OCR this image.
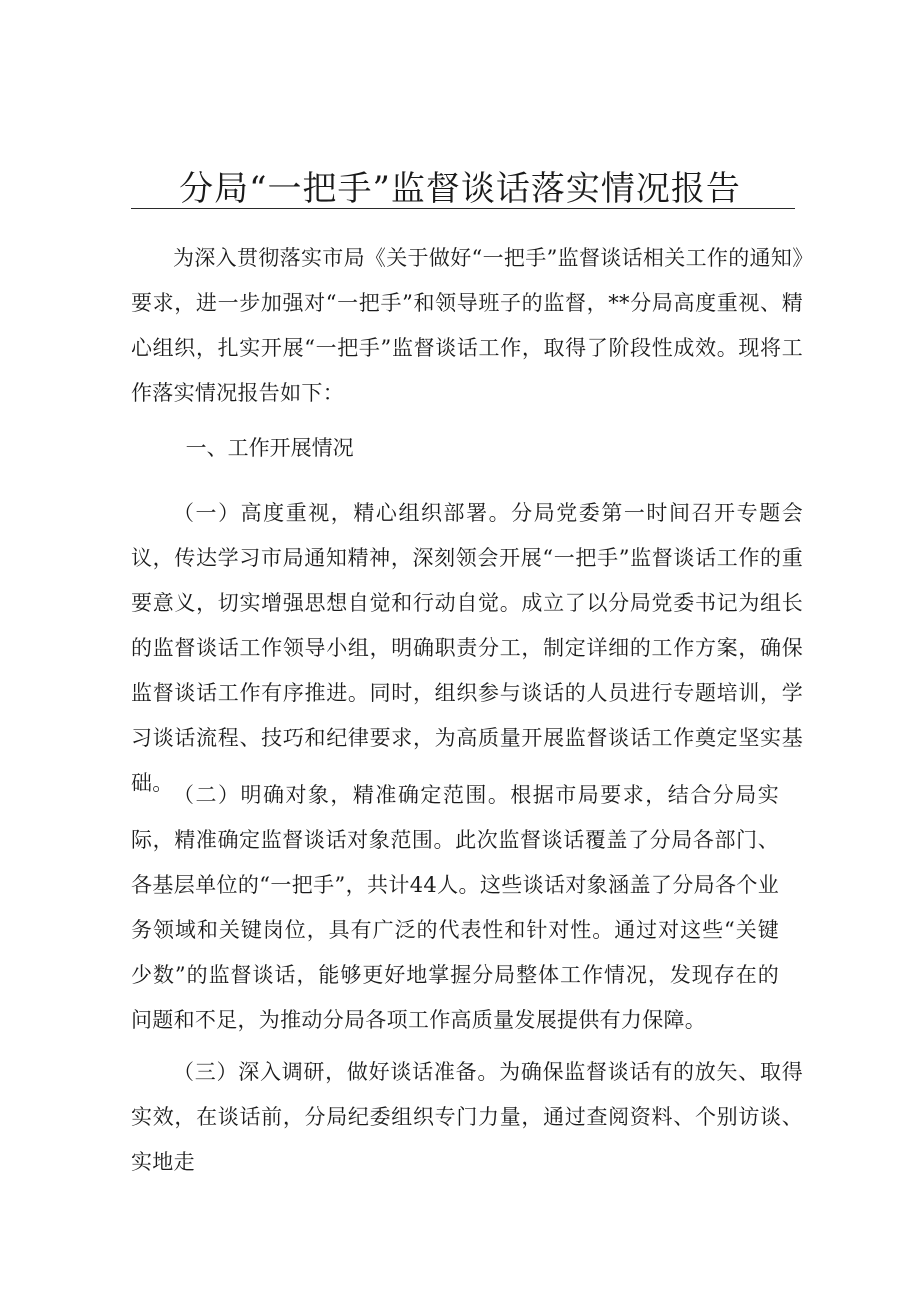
分局“一把手”监督谈话落实情况报告

为深入贯彻落实市局《关于做好“一把手”监督谈话相关工作的通知》要求，进一步加强对“一把手”和领导班子的监督，**分局高度重视、精心组织，扎实开展“一把手”监督谈话工作，取得了阶段性成效。现将工作落实情况报告如下：

一、工作开展情况

（一）高度重视，精心组织部署。分局党委第一时间召开专题会议，传达学习市局通知精神，深刻领会开展“一把手”监督谈话工作的重要意义，切实增强思想自觉和行动自觉。成立了以分局党委书记为组长的监督谈话工作领导小组，明确职责分工，制定详细的工作方案，确保监督谈话工作有序推进。同时，组织参与谈话的人员进行专题培训，学习谈话流程、技巧和纪律要求，为高质量开展监督谈话工作奠定坚实基础。 （二）明确对象，精准确定范围。根据市局要求，结合分局实际，精准确定监督谈话对象范围。此次监督谈话覆盖了分局各部门、各基层单位的“一把手”，共计44人。这些谈话对象涵盖了分局各个业务领域和关键岗位，具有广泛的代表性和针对性。通过对这些“关键少数”的监督谈话，能够更好地掌握分局整体工作情况，发现存在的问题和不足，为推动分局各项工作高质量发展提供有力保障。

（三）深入调研，做好谈话准备。为确保监督谈话有的放矢、取得实效，在谈话前，分局纪委组织专门力量，通过查阅资料、个别访谈、实地走
